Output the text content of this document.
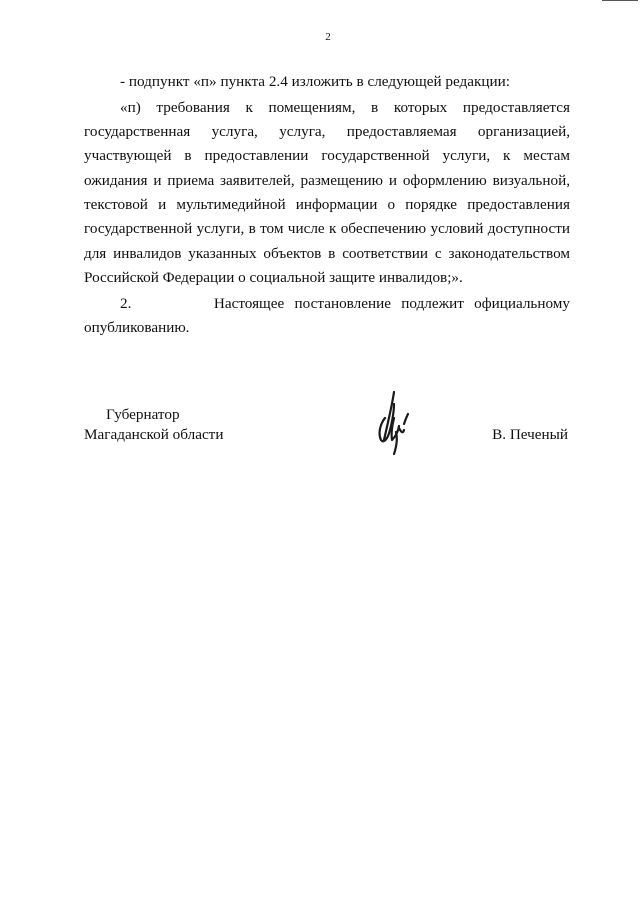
2

- подпункт «п» пункта 2.4 изложить в следующей редакции:

«п) требования к помещениям, в которых предоставляется государственная услуга, услуга, предоставляемая организацией, участвующей в предоставлении государственной услуги, к местам ожидания и приема заявителей, размещению и оформлению визуальной, текстовой и мультимедийной информации о порядке предоставления государственной услуги, в том числе к обеспечению условий доступности для инвалидов указанных объектов в соответствии с законодательством Российской Федерации о социальной защите инвалидов;».

2.	Настоящее постановление подлежит официальному
опубликованию.

Губернатор
Магаданской области	В. Печеный
